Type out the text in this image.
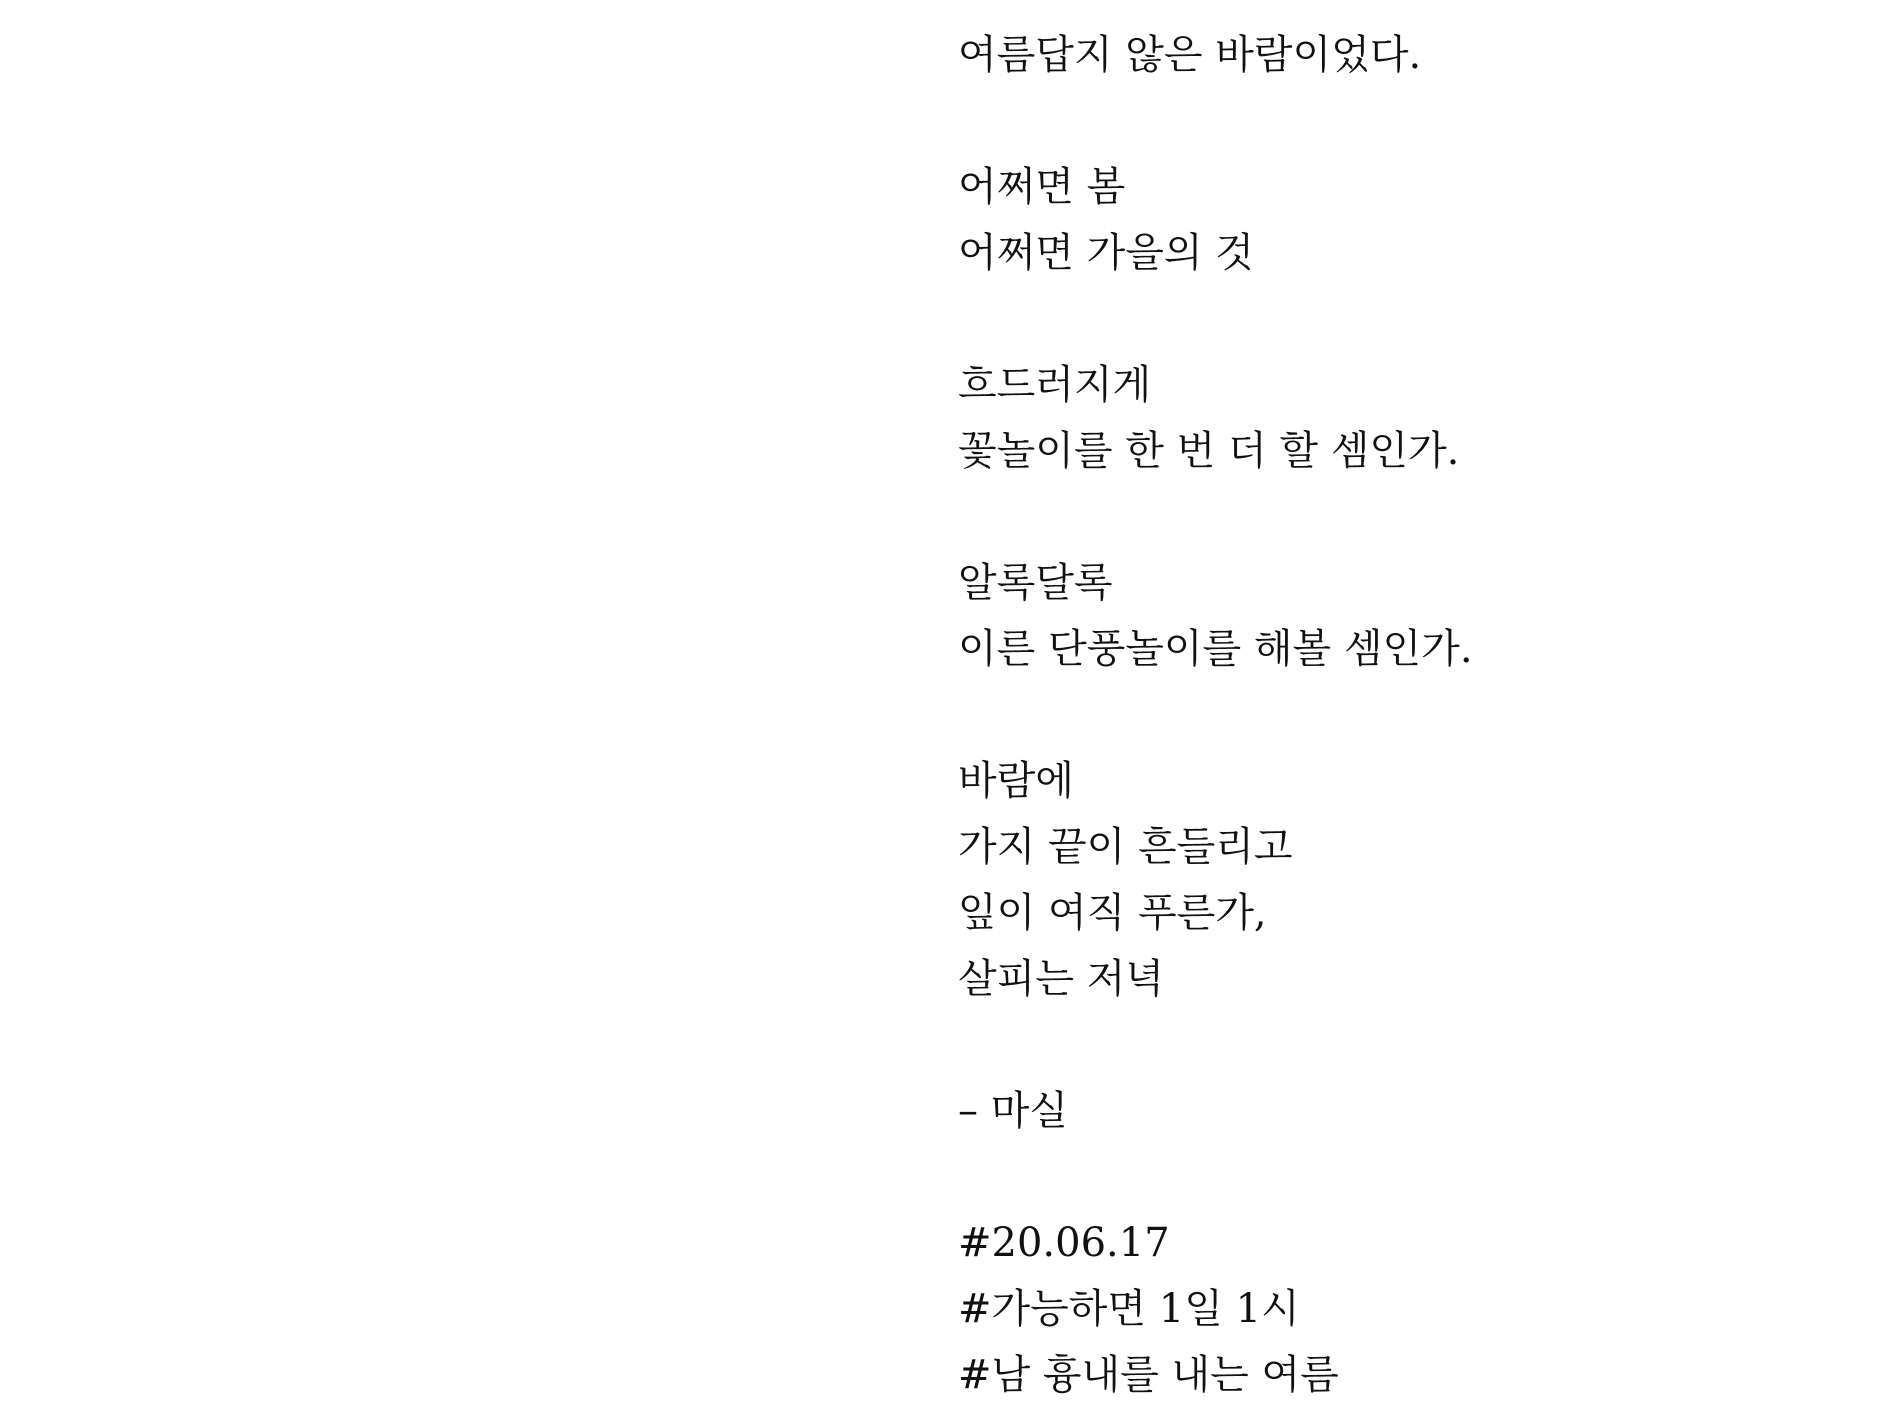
여름답지 않은 바람이었다.
어쩌면 봄
어쩌면 가을의 것
흐드러지게
꽃놀이를 한 번 더 할 셈인가.
알록달록
이른 단풍놀이를 해볼 셈인가.
바람에
가지 끝이 흔들리고
잎이 여직 푸른가,
살피는 저녁
– 마실
#20.06.17
#가능하면 1일 1시
#남 흉내를 내는 여름
